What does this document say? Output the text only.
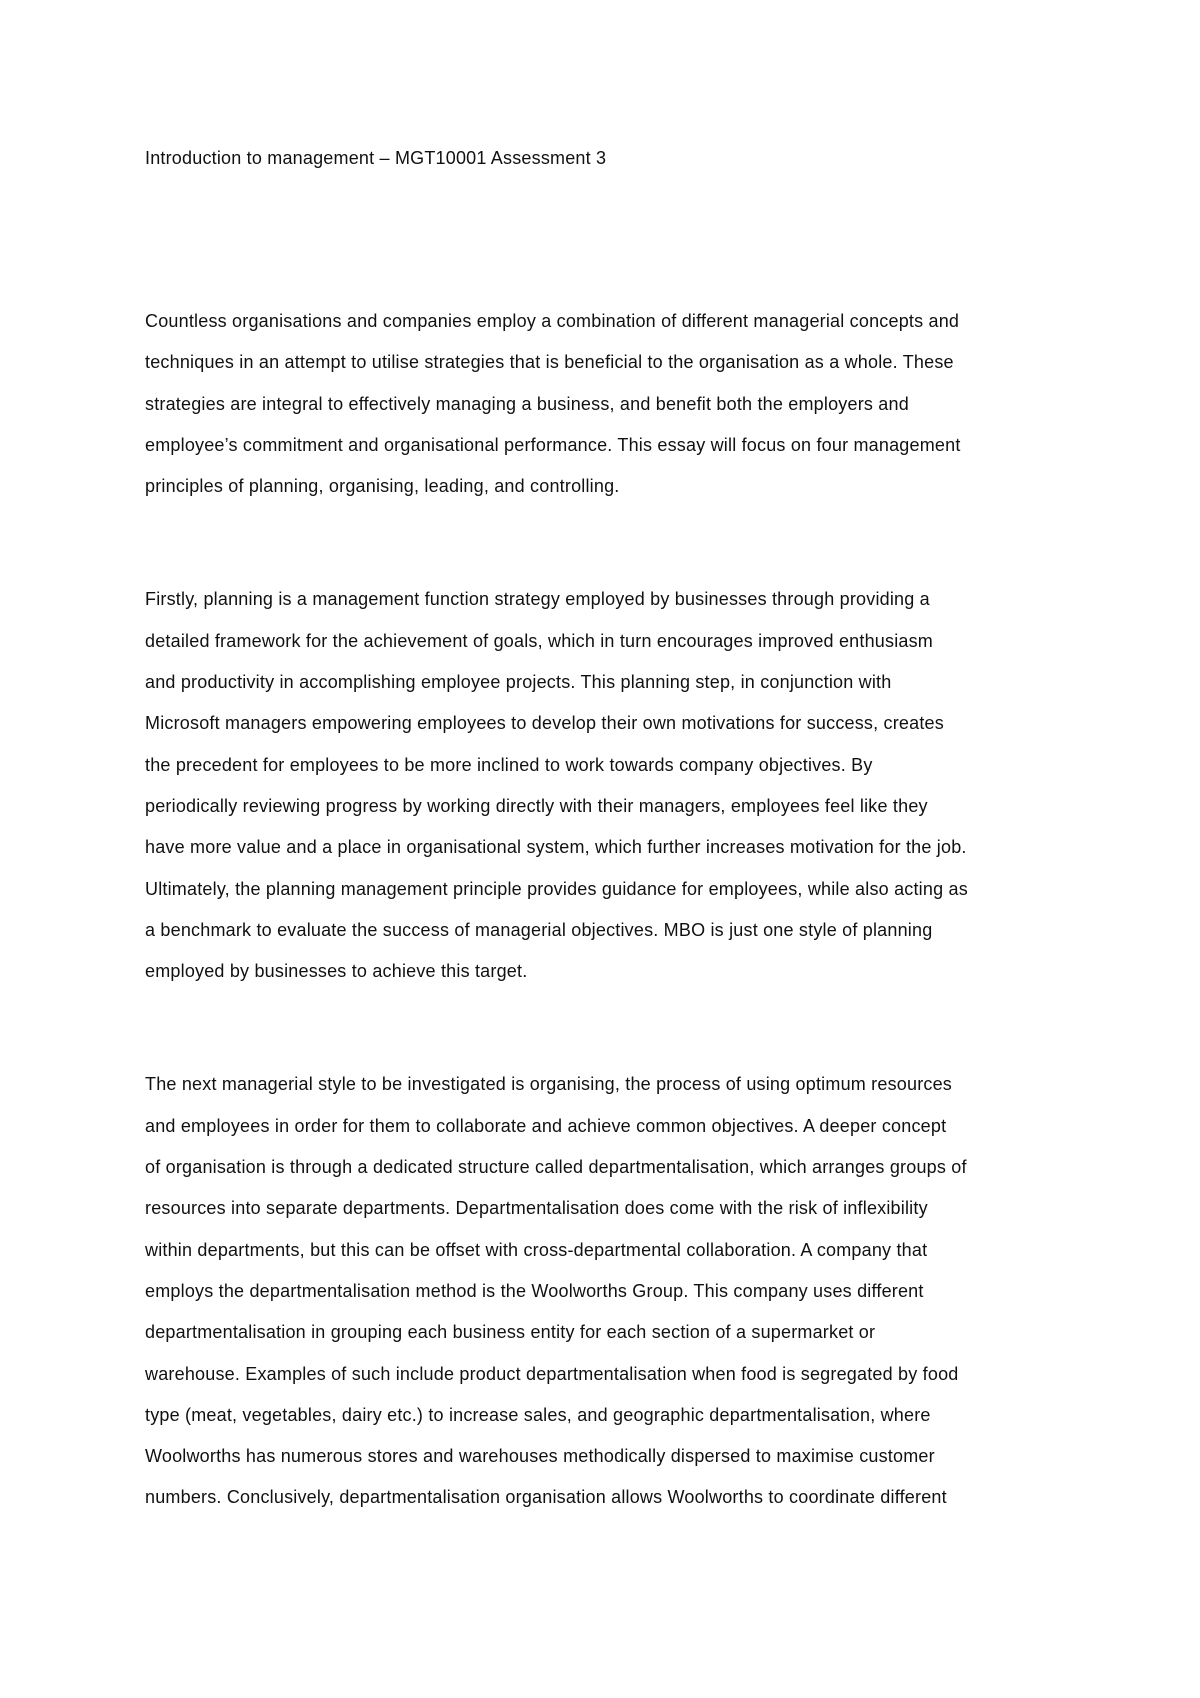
Introduction to management – MGT10001 Assessment 3

Countless organisations and companies employ a combination of different managerial concepts and
techniques in an attempt to utilise strategies that is beneficial to the organisation as a whole. These
strategies are integral to effectively managing a business, and benefit both the employers and
employee’s commitment and organisational performance. This essay will focus on four management
principles of planning, organising, leading, and controlling.

Firstly, planning is a management function strategy employed by businesses through providing a
detailed framework for the achievement of goals, which in turn encourages improved enthusiasm
and productivity in accomplishing employee projects. This planning step, in conjunction with
Microsoft managers empowering employees to develop their own motivations for success, creates
the precedent for employees to be more inclined to work towards company objectives. By
periodically reviewing progress by working directly with their managers, employees feel like they
have more value and a place in organisational system, which further increases motivation for the job.
Ultimately, the planning management principle provides guidance for employees, while also acting as
a benchmark to evaluate the success of managerial objectives. MBO is just one style of planning
employed by businesses to achieve this target.

The next managerial style to be investigated is organising, the process of using optimum resources
and employees in order for them to collaborate and achieve common objectives. A deeper concept
of organisation is through a dedicated structure called departmentalisation, which arranges groups of
resources into separate departments. Departmentalisation does come with the risk of inflexibility
within departments, but this can be offset with cross-departmental collaboration. A company that
employs the departmentalisation method is the Woolworths Group. This company uses different
departmentalisation in grouping each business entity for each section of a supermarket or
warehouse. Examples of such include product departmentalisation when food is segregated by food
type (meat, vegetables, dairy etc.) to increase sales, and geographic departmentalisation, where
Woolworths has numerous stores and warehouses methodically dispersed to maximise customer
numbers. Conclusively, departmentalisation organisation allows Woolworths to coordinate different
